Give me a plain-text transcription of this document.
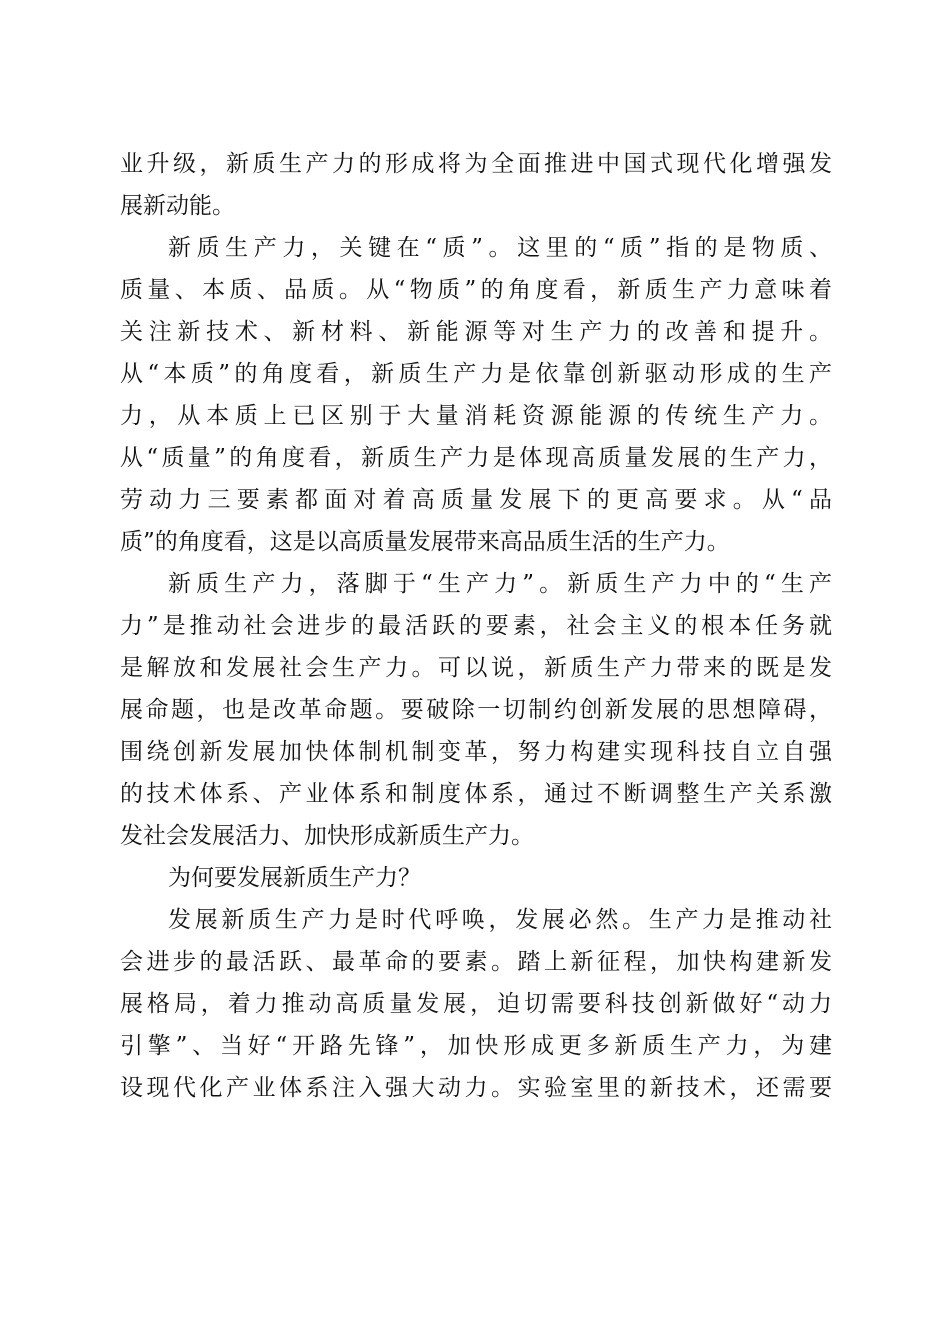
业升级，新质生产力的形成将为全面推进中国式现代化增强发
展新动能。
新质生产力，关键在“质”。这里的“质”指的是物质、
质量、本质、品质。从“物质”的角度看，新质生产力意味着
关注新技术、新材料、新能源等对生产力的改善和提升。
从“本质”的角度看，新质生产力是依靠创新驱动形成的生产
力，从本质上已区别于大量消耗资源能源的传统生产力。
从“质量”的角度看，新质生产力是体现高质量发展的生产力，
劳动力三要素都面对着高质量发展下的更高要求。从“品
质”的角度看，这是以高质量发展带来高品质生活的生产力。
新质生产力，落脚于“生产力”。新质生产力中的“生产
力”是推动社会进步的最活跃的要素，社会主义的根本任务就
是解放和发展社会生产力。可以说，新质生产力带来的既是发
展命题，也是改革命题。要破除一切制约创新发展的思想障碍，
围绕创新发展加快体制机制变革，努力构建实现科技自立自强
的技术体系、产业体系和制度体系，通过不断调整生产关系激
发社会发展活力、加快形成新质生产力。
为何要发展新质生产力？
发展新质生产力是时代呼唤，发展必然。生产力是推动社
会进步的最活跃、最革命的要素。踏上新征程，加快构建新发
展格局，着力推动高质量发展，迫切需要科技创新做好“动力
引擎”、当好“开路先锋”，加快形成更多新质生产力，为建
设现代化产业体系注入强大动力。实验室里的新技术，还需要
